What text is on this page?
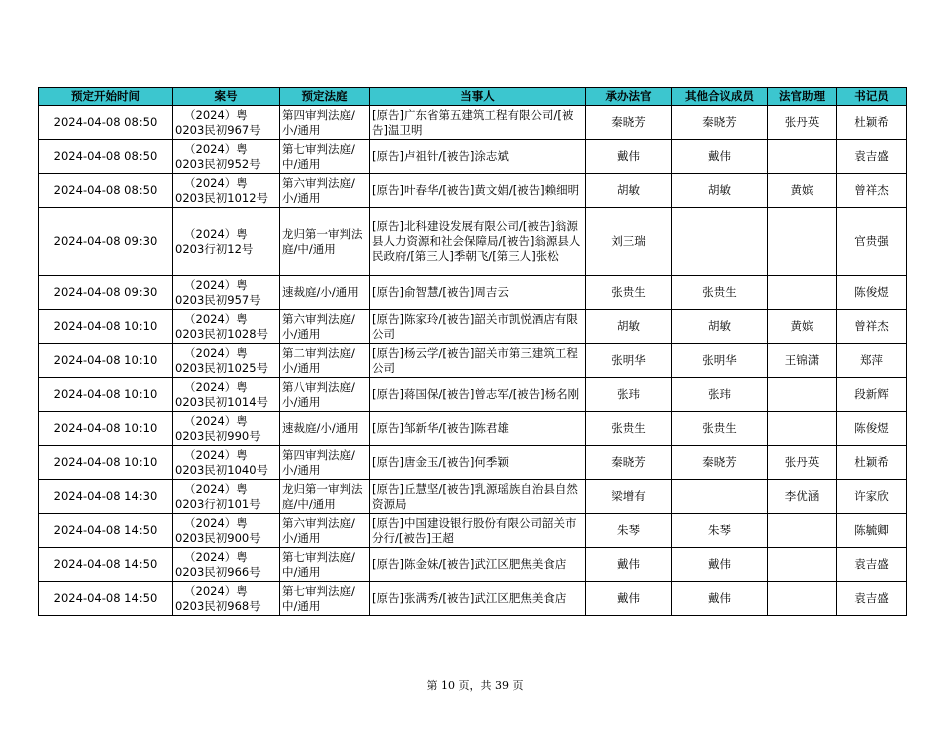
预定开始时间	案号	预定法庭	当事人	承办法官	其他合议成员	法官助理	书记员
2024-04-08 08:50	（2024）粤0203民初967号	第四审判法庭/小/通用	[原告]广东省第五建筑工程有限公司/[被告]温卫明	秦晓芳	秦晓芳	张丹英	杜颖希
2024-04-08 08:50	（2024）粤0203民初952号	第七审判法庭/中/通用	[原告]卢祖针/[被告]涂志斌	戴伟	戴伟		袁吉盛
2024-04-08 08:50	（2024）粤0203民初1012号	第六审判法庭/小/通用	[原告]叶春华/[被告]黄文娟/[被告]赖细明	胡敏	胡敏	黄嫔	曾祥杰
2024-04-08 09:30	（2024）粤0203行初12号	龙归第一审判法庭/中/通用	[原告]北科建设发展有限公司/[被告]翁源县人力资源和社会保障局/[被告]翁源县人民政府/[第三人]季朝飞/[第三人]张松	刘三瑞			官贵强
2024-04-08 09:30	（2024）粤0203民初957号	速裁庭/小/通用	[原告]俞智慧/[被告]周吉云	张贵生	张贵生		陈俊煜
2024-04-08 10:10	（2024）粤0203民初1028号	第六审判法庭/小/通用	[原告]陈家玲/[被告]韶关市凯悦酒店有限公司	胡敏	胡敏	黄嫔	曾祥杰
2024-04-08 10:10	（2024）粤0203民初1025号	第二审判法庭/小/通用	[原告]杨云学/[被告]韶关市第三建筑工程公司	张明华	张明华	王锦潇	郑萍
2024-04-08 10:10	（2024）粤0203民初1014号	第八审判法庭/小/通用	[原告]蒋国保/[被告]曾志军/[被告]杨名刚	张玮	张玮		段新辉
2024-04-08 10:10	（2024）粤0203民初990号	速裁庭/小/通用	[原告]邹新华/[被告]陈君雄	张贵生	张贵生		陈俊煜
2024-04-08 10:10	（2024）粤0203民初1040号	第四审判法庭/小/通用	[原告]唐金玉/[被告]何季颖	秦晓芳	秦晓芳	张丹英	杜颖希
2024-04-08 14:30	（2024）粤0203行初101号	龙归第一审判法庭/中/通用	[原告]丘慧坚/[被告]乳源瑶族自治县自然资源局	梁增有		李优涵	许家欣
2024-04-08 14:50	（2024）粤0203民初900号	第六审判法庭/小/通用	[原告]中国建设银行股份有限公司韶关市分行/[被告]王超	朱琴	朱琴		陈毓卿
2024-04-08 14:50	（2024）粤0203民初966号	第七审判法庭/中/通用	[原告]陈金妹/[被告]武江区肥焦美食店	戴伟	戴伟		袁吉盛
2024-04-08 14:50	（2024）粤0203民初968号	第七审判法庭/中/通用	[原告]张满秀/[被告]武江区肥焦美食店	戴伟	戴伟		袁吉盛
第 10 页，共 39 页
